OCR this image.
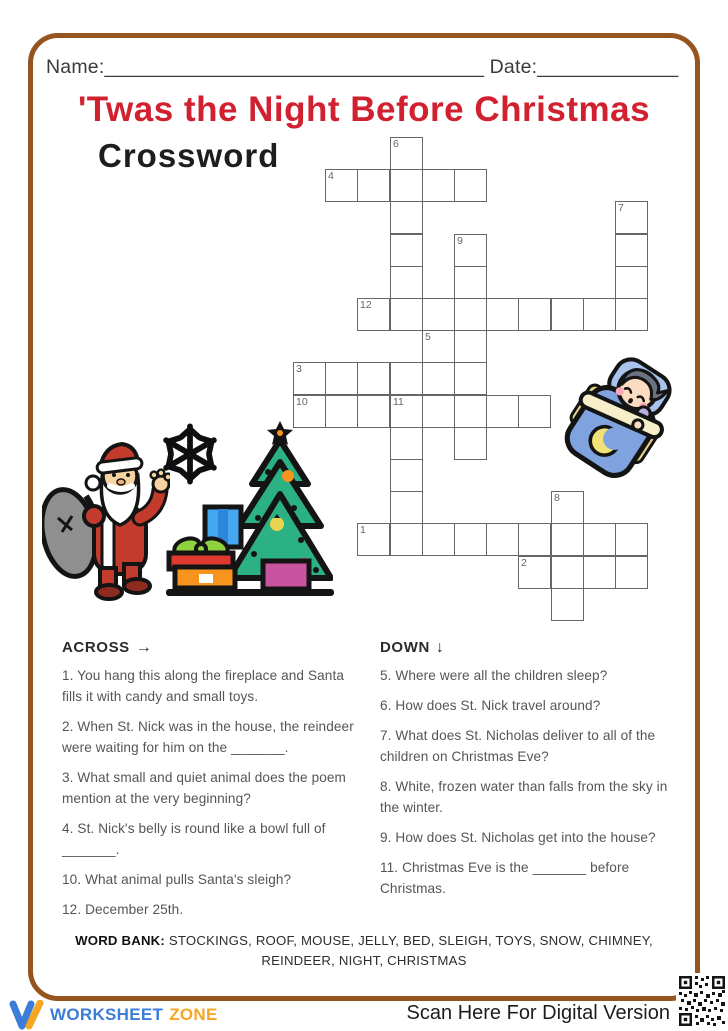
Name:___________________________________ Date:_____________
'Twas the Night Before Christmas
Crossword
1
2
3
4
10	11
12
5
6
7
8
9
ACROSS →

1. You hang this along the fireplace and Santa fills it with candy and small toys.

2. When St. Nick was in the house, the reindeer were waiting for him on the _______.

3. What small and quiet animal does the poem mention at the very beginning?

4. St. Nick's belly is round like a bowl full of _______.

10. What animal pulls Santa's sleigh?

12. December 25th.

DOWN ↓

5. Where were all the children sleep?

6. How does St. Nick travel around?

7. What does St. Nicholas deliver to all of the children on Christmas Eve?

8. White, frozen water than falls from the sky in the winter.

9. How does St. Nicholas get into the house?

11. Christmas Eve is the _______ before Christmas.

WORD BANK: STOCKINGS, ROOF, MOUSE, JELLY, BED, SLEIGH, TOYS, SNOW, CHIMNEY, REINDEER, NIGHT, CHRISTMAS
WORKSHEET ZONE	Scan Here For Digital Version
